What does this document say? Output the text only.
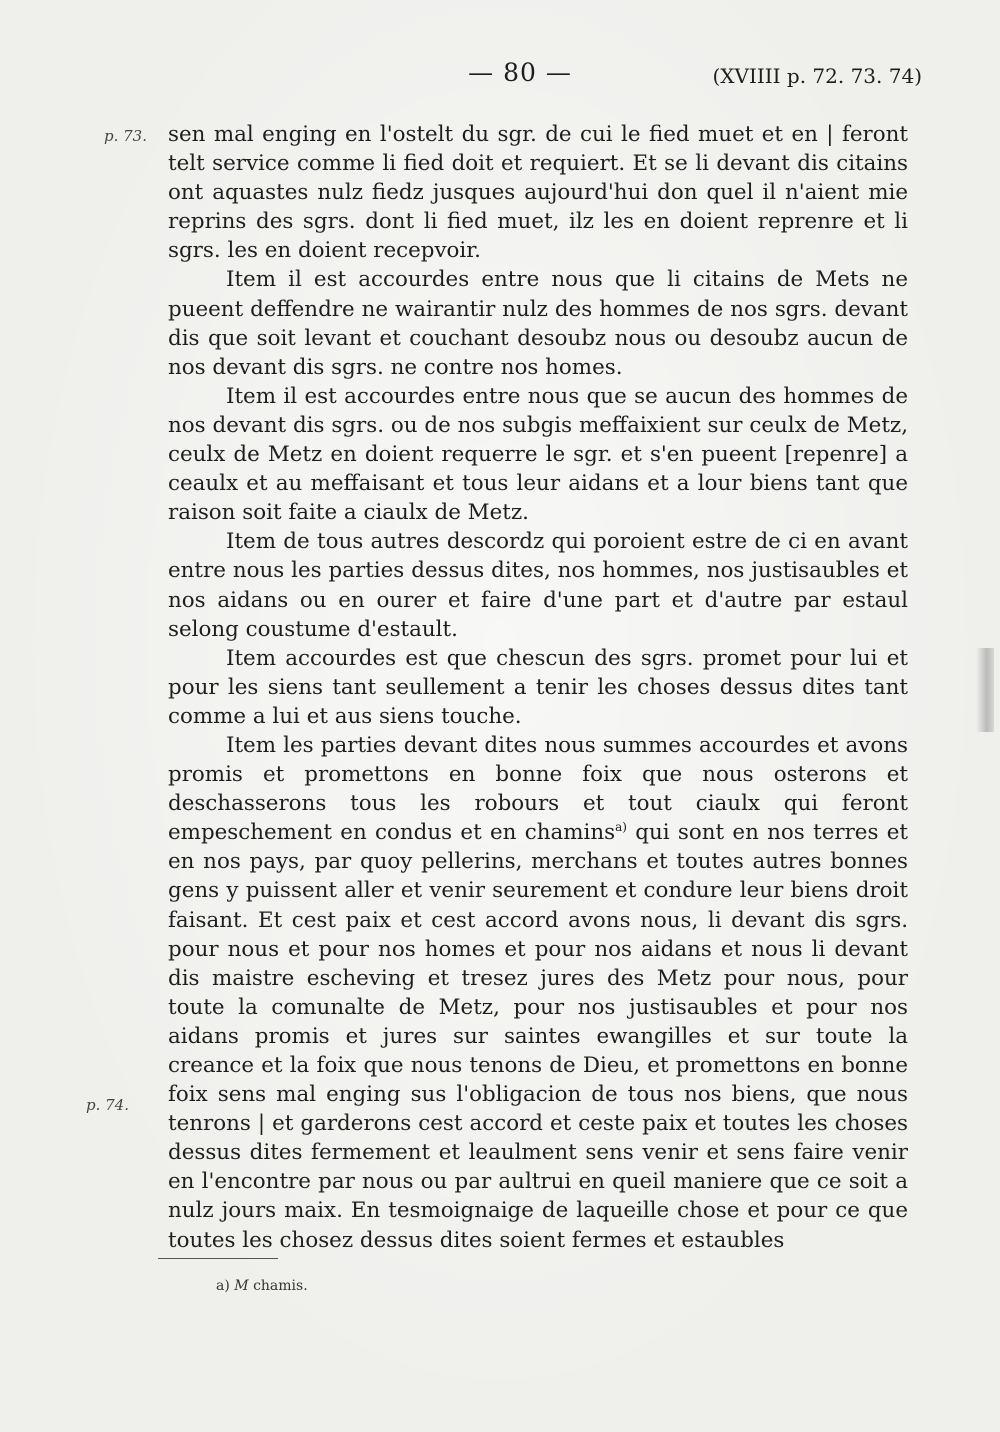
— 80 —	(XVIIII p. 72. 73. 74)
p. 73.
p. 74.

sen mal enging en l'ostelt du sgr. de cui le fied muet et en | feront telt service comme li fied doit et requiert. Et se li devant dis citains ont aquastes nulz fiedz jusques aujourd'hui don quel il n'aient mie reprins des sgrs. dont li fied muet, ilz les en doient reprenre et li sgrs. les en doient recepvoir.

Item il est accourdes entre nous que li citains de Mets ne pueent deffendre ne wairantir nulz des hommes de nos sgrs. devant dis que soit levant et couchant desoubz nous ou desoubz aucun de nos devant dis sgrs. ne contre nos homes.

Item il est accourdes entre nous que se aucun des hommes de nos devant dis sgrs. ou de nos subgis meffaixient sur ceulx de Metz, ceulx de Metz en doient requerre le sgr. et s'en pueent [repenre] a ceaulx et au meffaisant et tous leur aidans et a lour biens tant que raison soit faite a ciaulx de Metz.

Item de tous autres descordz qui poroient estre de ci en avant entre nous les parties dessus dites, nos hommes, nos justisaubles et nos aidans ou en ourer et faire d'une part et d'autre par estaul selong coustume d'estault.

Item accourdes est que chescun des sgrs. promet pour lui et pour les siens tant seullement a tenir les choses dessus dites tant comme a lui et aus siens touche.

Item les parties devant dites nous summes accourdes et avons promis et promettons en bonne foix que nous osterons et deschasserons tous les robours et tout ciaulx qui feront empeschement en condus et en chamins$^{a)}$ qui sont en nos terres et en nos pays, par quoy pellerins, merchans et toutes autres bonnes gens y puissent aller et venir seurement et condure leur biens droit faisant. Et cest paix et cest accord avons nous, li devant dis sgrs. pour nous et pour nos homes et pour nos aidans et nous li devant dis maistre escheving et tresez jures des Metz pour nous, pour toute la comunalte de Metz, pour nos justisaubles et pour nos aidans promis et jures sur saintes ewangilles et sur toute la creance et la foix que nous tenons de Dieu, et promettons en bonne foix sens mal enging sus l'obligacion de tous nos biens, que nous tenrons | et garderons cest accord et ceste paix et toutes les choses dessus dites fermement et leaulment sens venir et sens faire venir en l'encontre par nous ou par aultrui en queil maniere que ce soit a nulz jours maix. En tesmoignaige de laqueille chose et pour ce que toutes les chosez dessus dites soient fermes et estaubles

a) M chamis.
